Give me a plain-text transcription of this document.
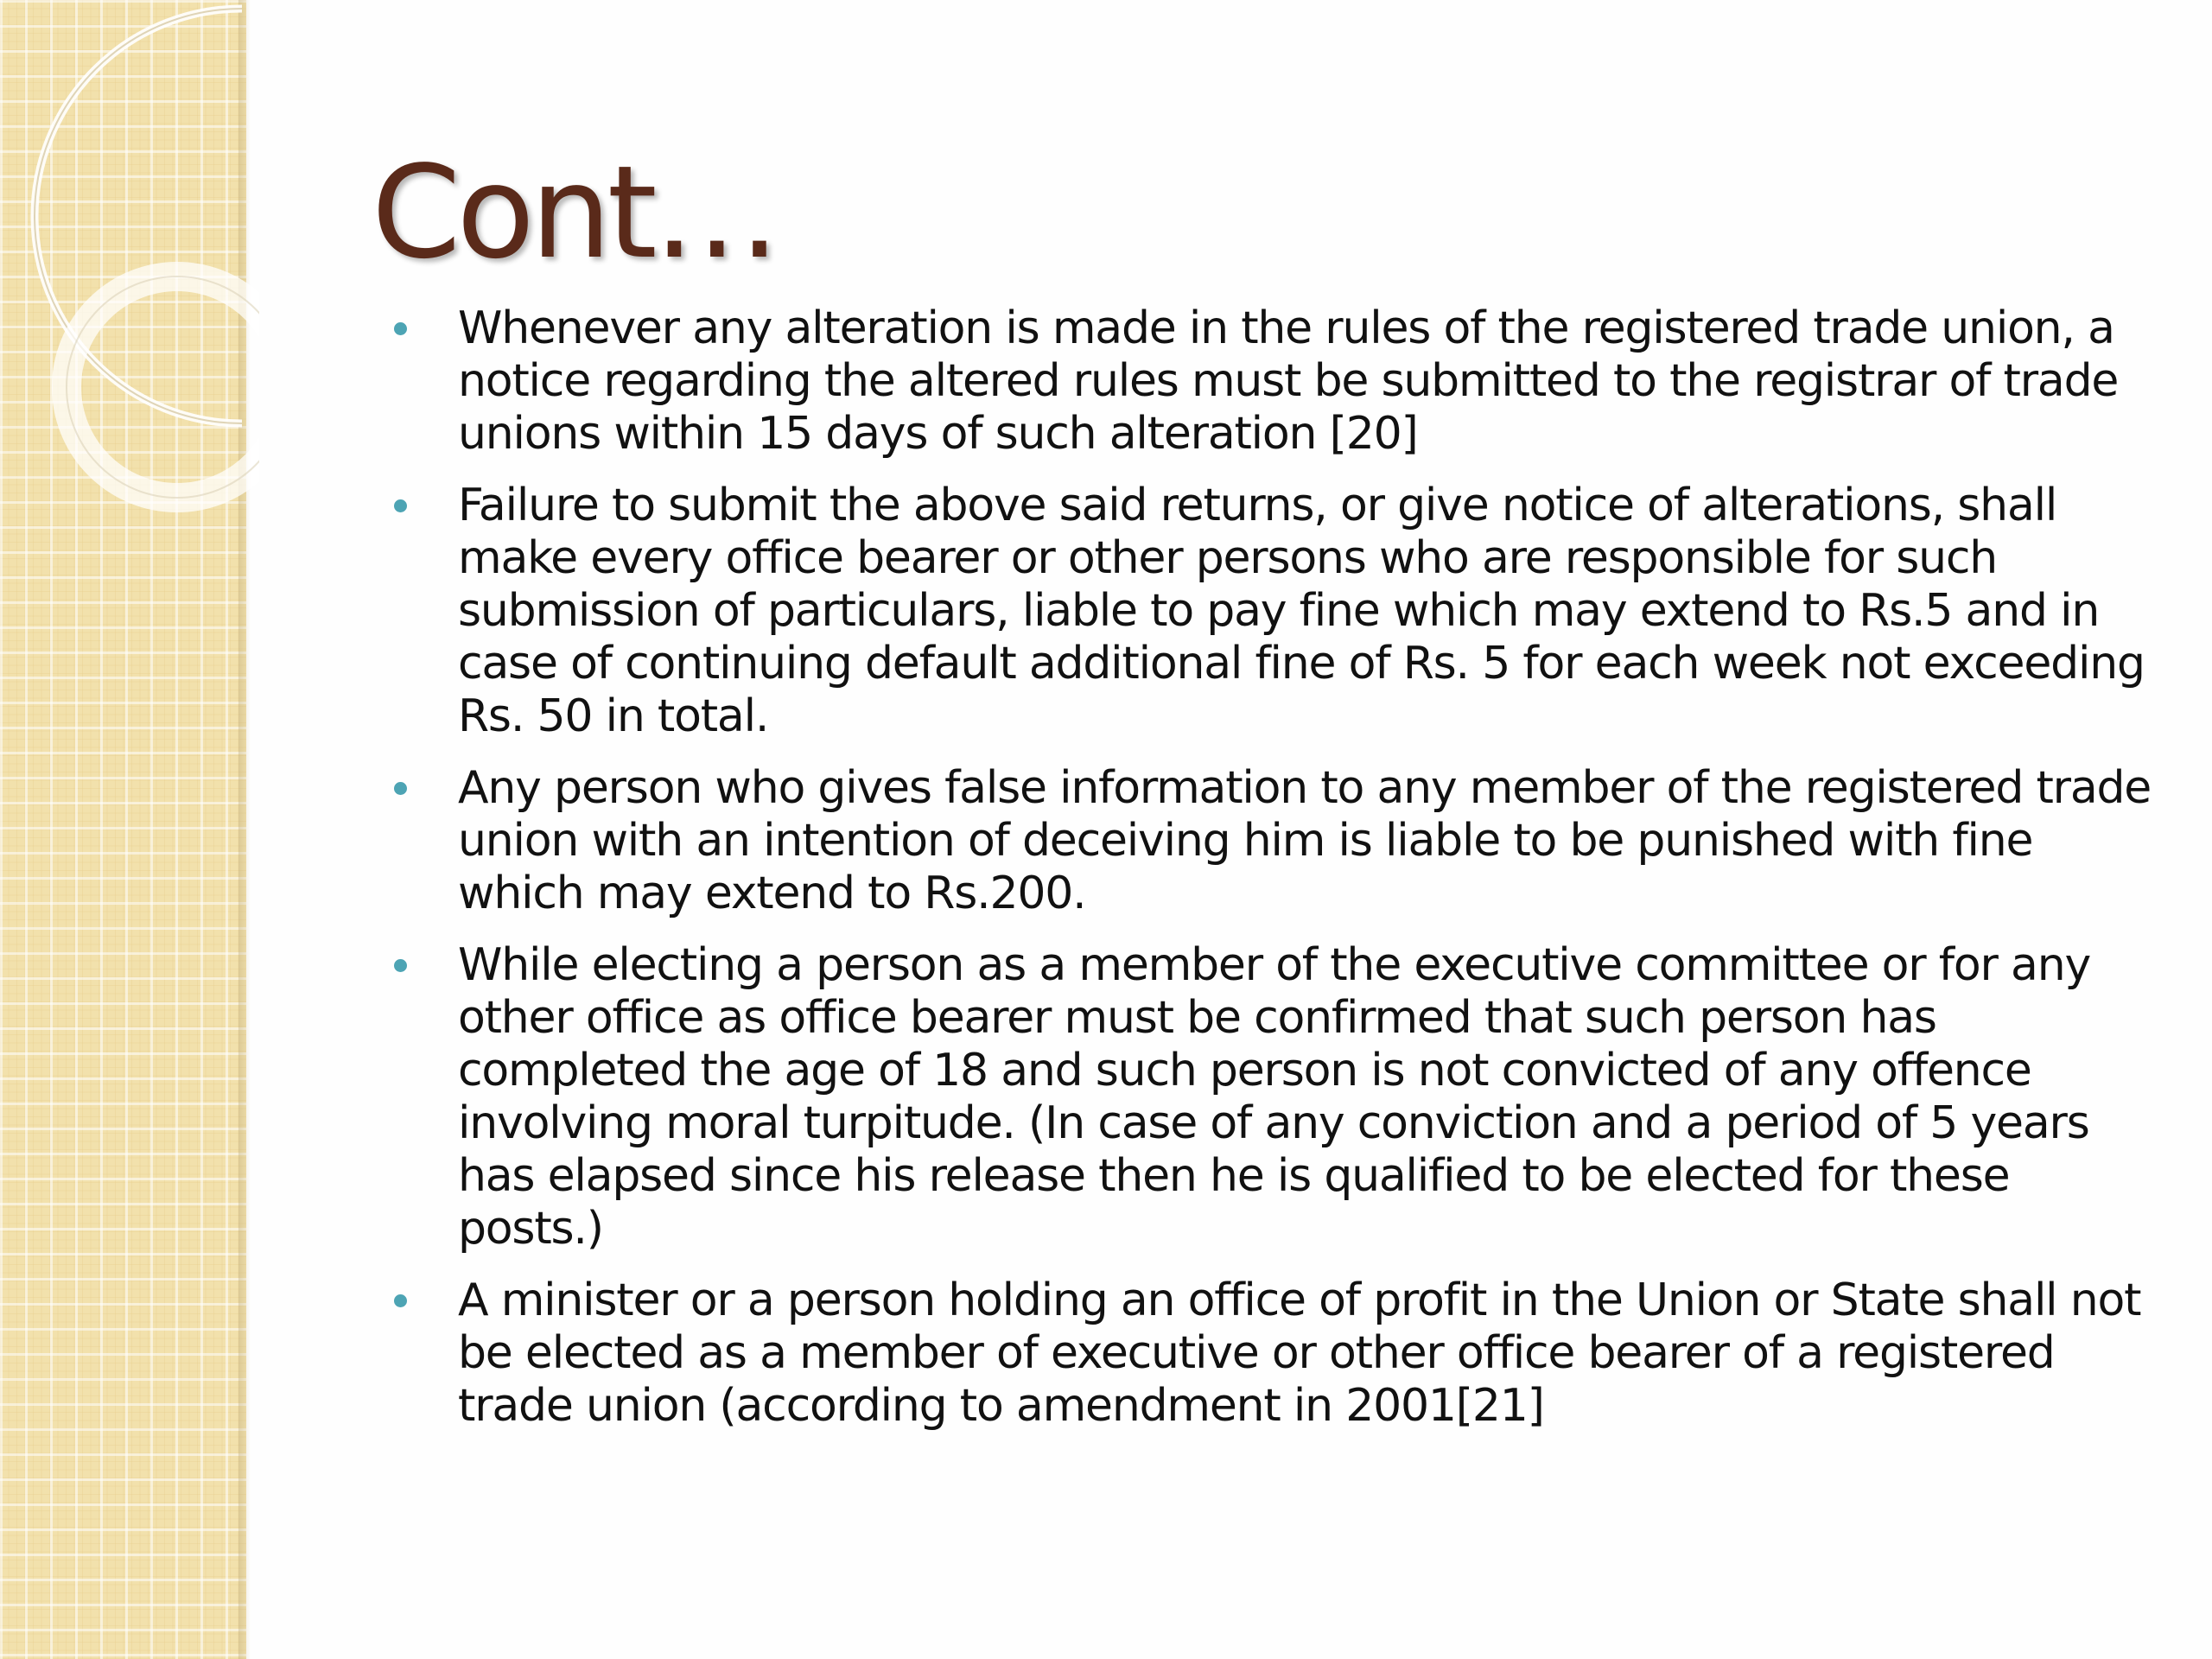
Cont…
Whenever any alteration is made in the rules of the registered trade union, a notice regarding the altered rules must be submitted to the registrar of trade unions within 15 days of such alteration [20]
Failure to submit the above said returns, or give notice of alterations, shall make every office bearer or other persons who are responsible for such submission of particulars, liable to pay fine which may extend to Rs.5 and in case of continuing default additional fine of Rs. 5 for each week not exceeding Rs. 50 in total.
Any person who gives false information to any member of the registered trade union with an intention of deceiving him is liable to be punished with fine which may extend to Rs.200.
While electing a person as a member of the executive committee or for any other office as office bearer must be confirmed that such person has completed the age of 18 and such person is not convicted of any offence involving moral turpitude. (In case of any conviction and a period of 5 years has elapsed since his release then he is qualified to be elected for these posts.)
A minister or a person holding an office of profit in the Union or State shall not be elected as a member of executive or other office bearer of a registered trade union (according to amendment in 2001[21]
